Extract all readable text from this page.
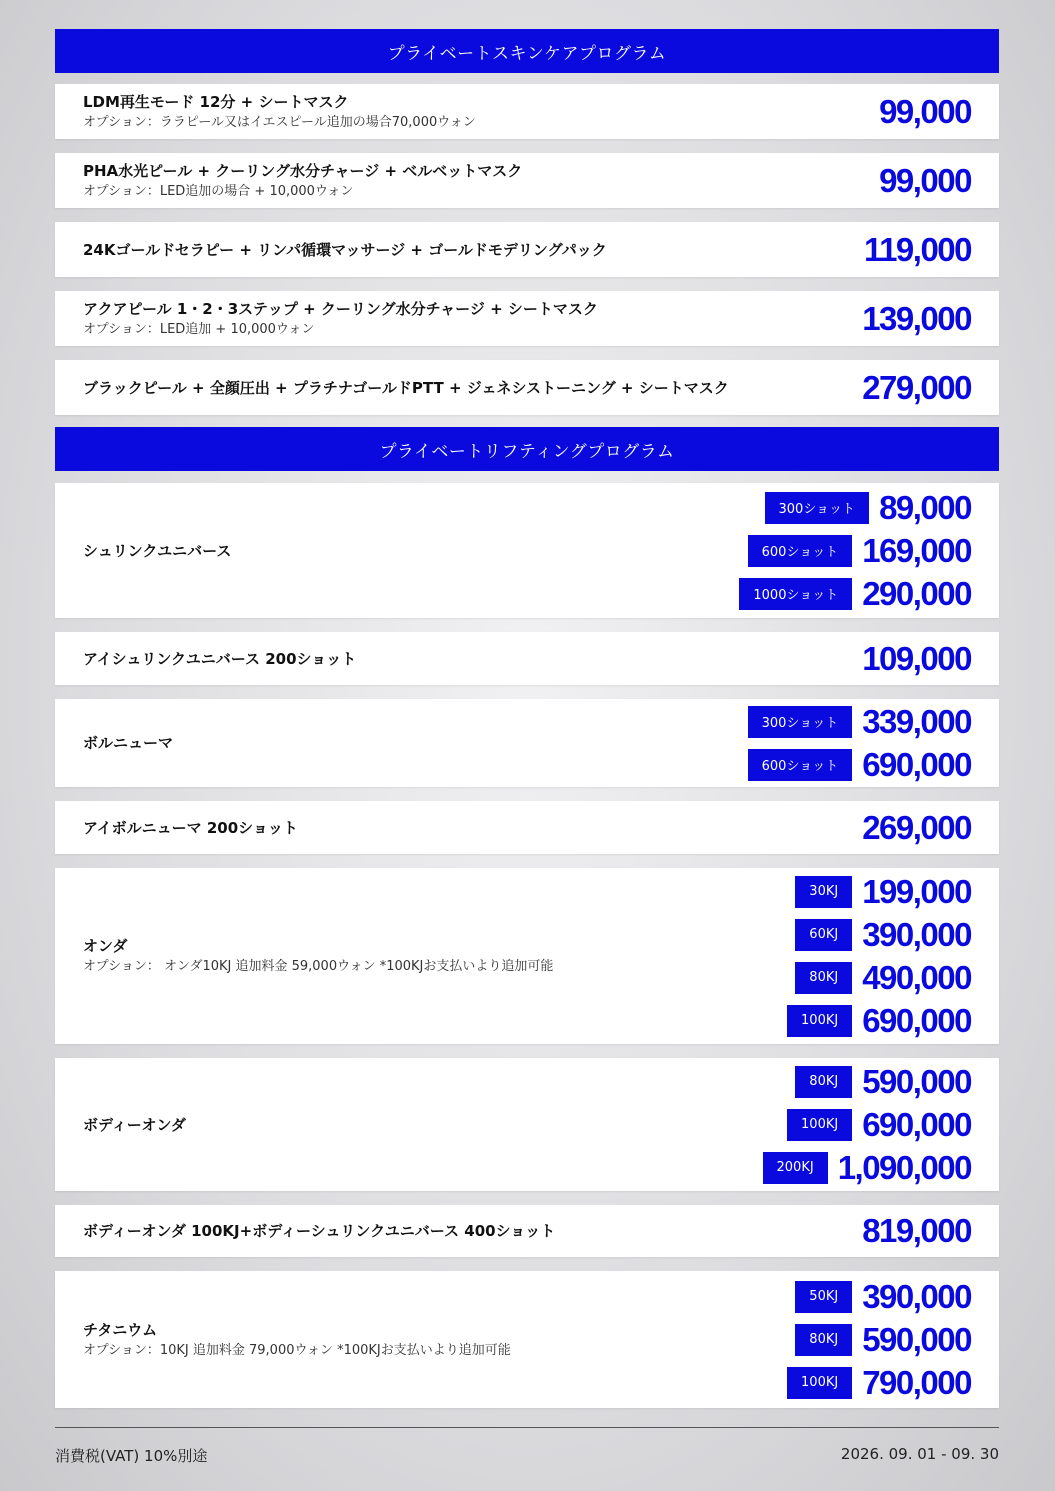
プライベートスキンケアプログラム
LDM再生モード 12分 + シートマスク
オプション：ララピール又はイエスピール追加の場合70,000ウォン	99,000
PHA水光ピール + クーリング水分チャージ + ベルベットマスク
オプション：LED追加の場合 + 10,000ウォン	99,000
24Kゴールドセラピー + リンパ循環マッサージ + ゴールドモデリングパック	119,000
アクアピール 1・2・3ステップ + クーリング水分チャージ + シートマスク
オプション：LED追加 + 10,000ウォン	139,000
ブラックピール + 全顔圧出 + プラチナゴールドPTT + ジェネシストーニング + シートマスク	279,000
プライベートリフティングプログラム
シュリンクユニバース
300ショット 89,000
600ショット 169,000
1000ショット 290,000
アイシュリンクユニバース 200ショット	109,000
ボルニューマ
300ショット 339,000
600ショット 690,000
アイボルニューマ 200ショット	269,000
オンダ
オプション： オンダ10KJ 追加料金 59,000ウォン *100KJお支払いより追加可能
30KJ 199,000
60KJ 390,000
80KJ 490,000
100KJ 690,000
ボディーオンダ
80KJ 590,000
100KJ 690,000
200KJ 1,090,000
ボディーオンダ 100KJ+ボディーシュリンクユニバース 400ショット	819,000
チタニウム
オプション：10KJ 追加料金 79,000ウォン *100KJお支払いより追加可能
50KJ 390,000
80KJ 590,000
100KJ 790,000
消費税(VAT) 10%別途	2026. 09. 01 - 09. 30
